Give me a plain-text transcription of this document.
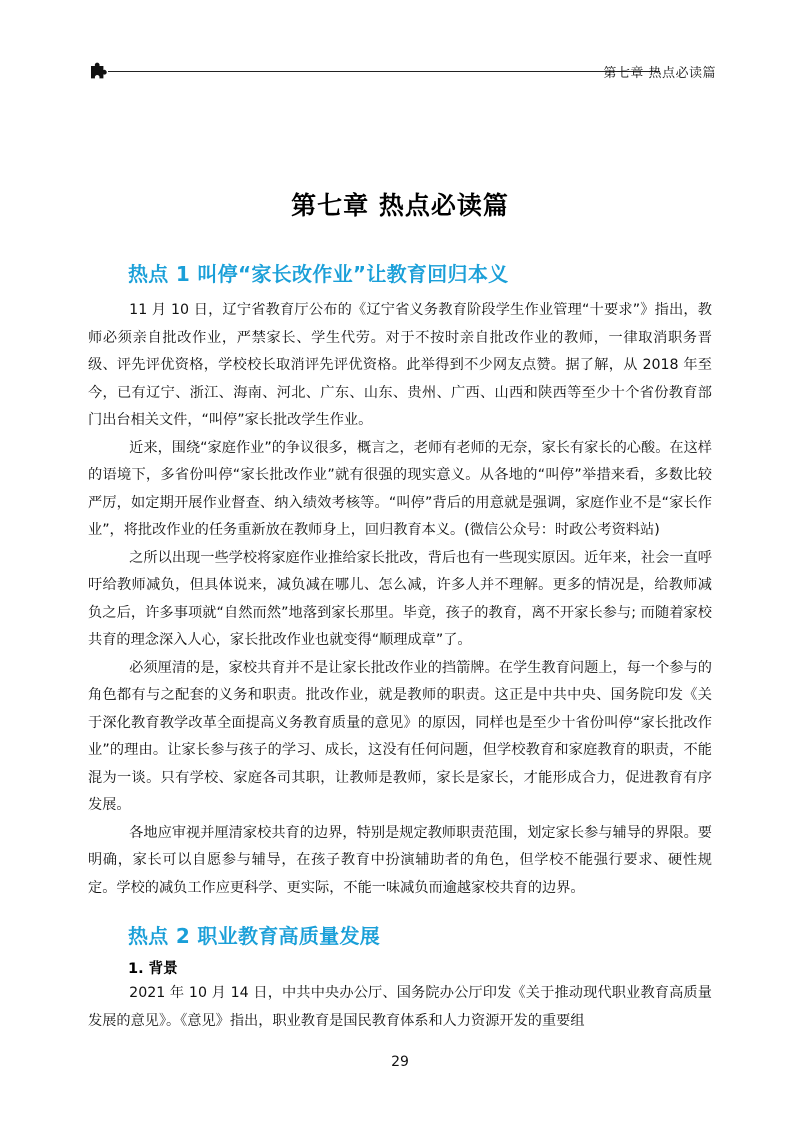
第七章 热点必读篇
第七章 热点必读篇
热点 1 叫停“家长改作业”让教育回归本义

11 月 10 日，辽宁省教育厅公布的《辽宁省义务教育阶段学生作业管理“十要求”》指出，教师必须亲自批改作业，严禁家长、学生代劳。对于不按时亲自批改作业的教师，一律取消职务晋级、评先评优资格，学校校长取消评先评优资格。此举得到不少网友点赞。据了解，从 2018 年至今，已有辽宁、浙江、海南、河北、广东、山东、贵州、广西、山西和陕西等至少十个省份教育部门出台相关文件，“叫停”家长批改学生作业。

近来，围绕“家庭作业”的争议很多，概言之，老师有老师的无奈，家长有家长的心酸。在这样的语境下，多省份叫停“家长批改作业”就有很强的现实意义。从各地的“叫停”举措来看，多数比较严厉，如定期开展作业督查、纳入绩效考核等。“叫停”背后的用意就是强调，家庭作业不是“家长作业”，将批改作业的任务重新放在教师身上，回归教育本义。(微信公众号：时政公考资料站)

之所以出现一些学校将家庭作业推给家长批改，背后也有一些现实原因。近年来，社会一直呼吁给教师减负，但具体说来，减负减在哪儿、怎么减，许多人并不理解。更多的情况是，给教师减负之后，许多事项就“自然而然”地落到家长那里。毕竟，孩子的教育，离不开家长参与; 而随着家校共育的理念深入人心，家长批改作业也就变得“顺理成章”了。

必须厘清的是，家校共育并不是让家长批改作业的挡箭牌。在学生教育问题上，每一个参与的角色都有与之配套的义务和职责。批改作业，就是教师的职责。这正是中共中央、国务院印发《关于深化教育教学改革全面提高义务教育质量的意见》的原因，同样也是至少十省份叫停“家长批改作业”的理由。让家长参与孩子的学习、成长，这没有任何问题，但学校教育和家庭教育的职责，不能混为一谈。只有学校、家庭各司其职，让教师是教师，家长是家长，才能形成合力，促进教育有序发展。

各地应审视并厘清家校共育的边界，特别是规定教师职责范围，划定家长参与辅导的界限。要明确，家长可以自愿参与辅导，在孩子教育中扮演辅助者的角色，但学校不能强行要求、硬性规定。学校的减负工作应更科学、更实际，不能一味减负而逾越家校共育的边界。

热点 2 职业教育高质量发展
1. 背景

2021 年 10 月 14 日，中共中央办公厅、国务院办公厅印发《关于推动现代职业教育高质量发展的意见》。《意见》指出，职业教育是国民教育体系和人力资源开发的重要组

29
